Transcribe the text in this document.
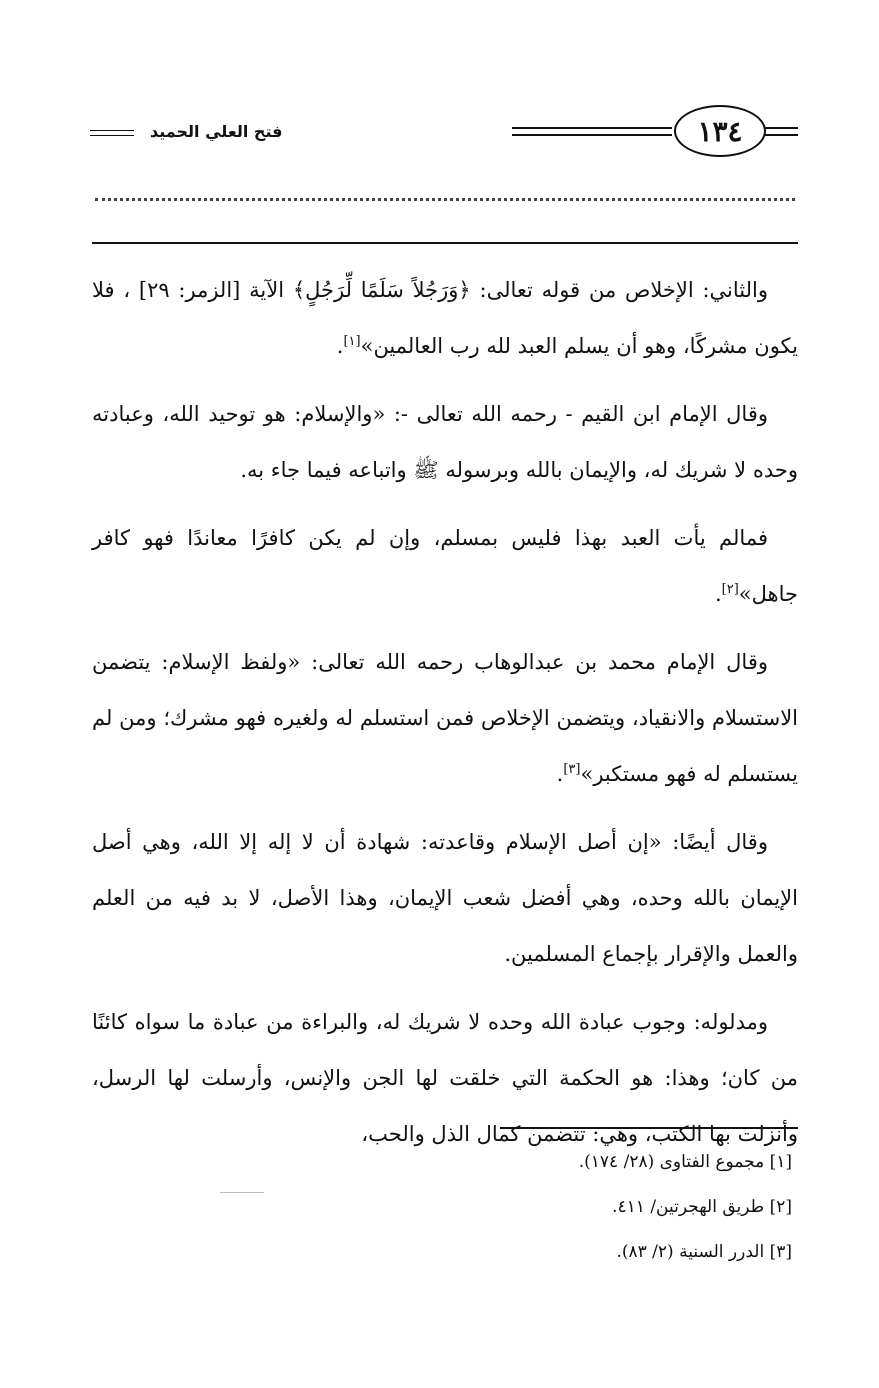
فتح العلي الحميد	١٣٤

والثاني: الإخلاص من قوله تعالى: ﴿وَرَجُلاً سَلَمًا لِّرَجُلٍ﴾ الآية [الزمر: ٢٩] ، فلا يكون مشركًا، وهو أن يسلم العبد لله رب العالمين»[١].

وقال الإمام ابن القيم - رحمه الله تعالى -: «والإسلام: هو توحيد الله، وعبادته وحده لا شريك له، والإيمان بالله وبرسوله ﷺ واتباعه فيما جاء به.

فمالم يأت العبد بهذا فليس بمسلم، وإن لم يكن كافرًا معاندًا فهو كافر جاهل»[٢].

وقال الإمام محمد بن عبدالوهاب رحمه الله تعالى: «ولفظ الإسلام: يتضمن الاستسلام والانقياد، ويتضمن الإخلاص فمن استسلم له ولغيره فهو مشرك؛ ومن لم يستسلم له فهو مستكبر»[٣].

وقال أيضًا: «إن أصل الإسلام وقاعدته: شهادة أن لا إله إلا الله، وهي أصل الإيمان بالله وحده، وهي أفضل شعب الإيمان، وهذا الأصل، لا بد فيه من العلم والعمل والإقرار بإجماع المسلمين.

ومدلوله: وجوب عبادة الله وحده لا شريك له، والبراءة من عبادة ما سواه كائنًا من كان؛ وهذا: هو الحكمة التي خلقت لها الجن والإنس، وأرسلت لها الرسل، وأنزلت بها الكتب، وهي: تتضمن كمال الذل والحب،

[١] مجموع الفتاوى (٢٨/ ١٧٤).

[٢] طريق الهجرتين/ ٤١١.

[٣] الدرر السنية (٢/ ٨٣).
